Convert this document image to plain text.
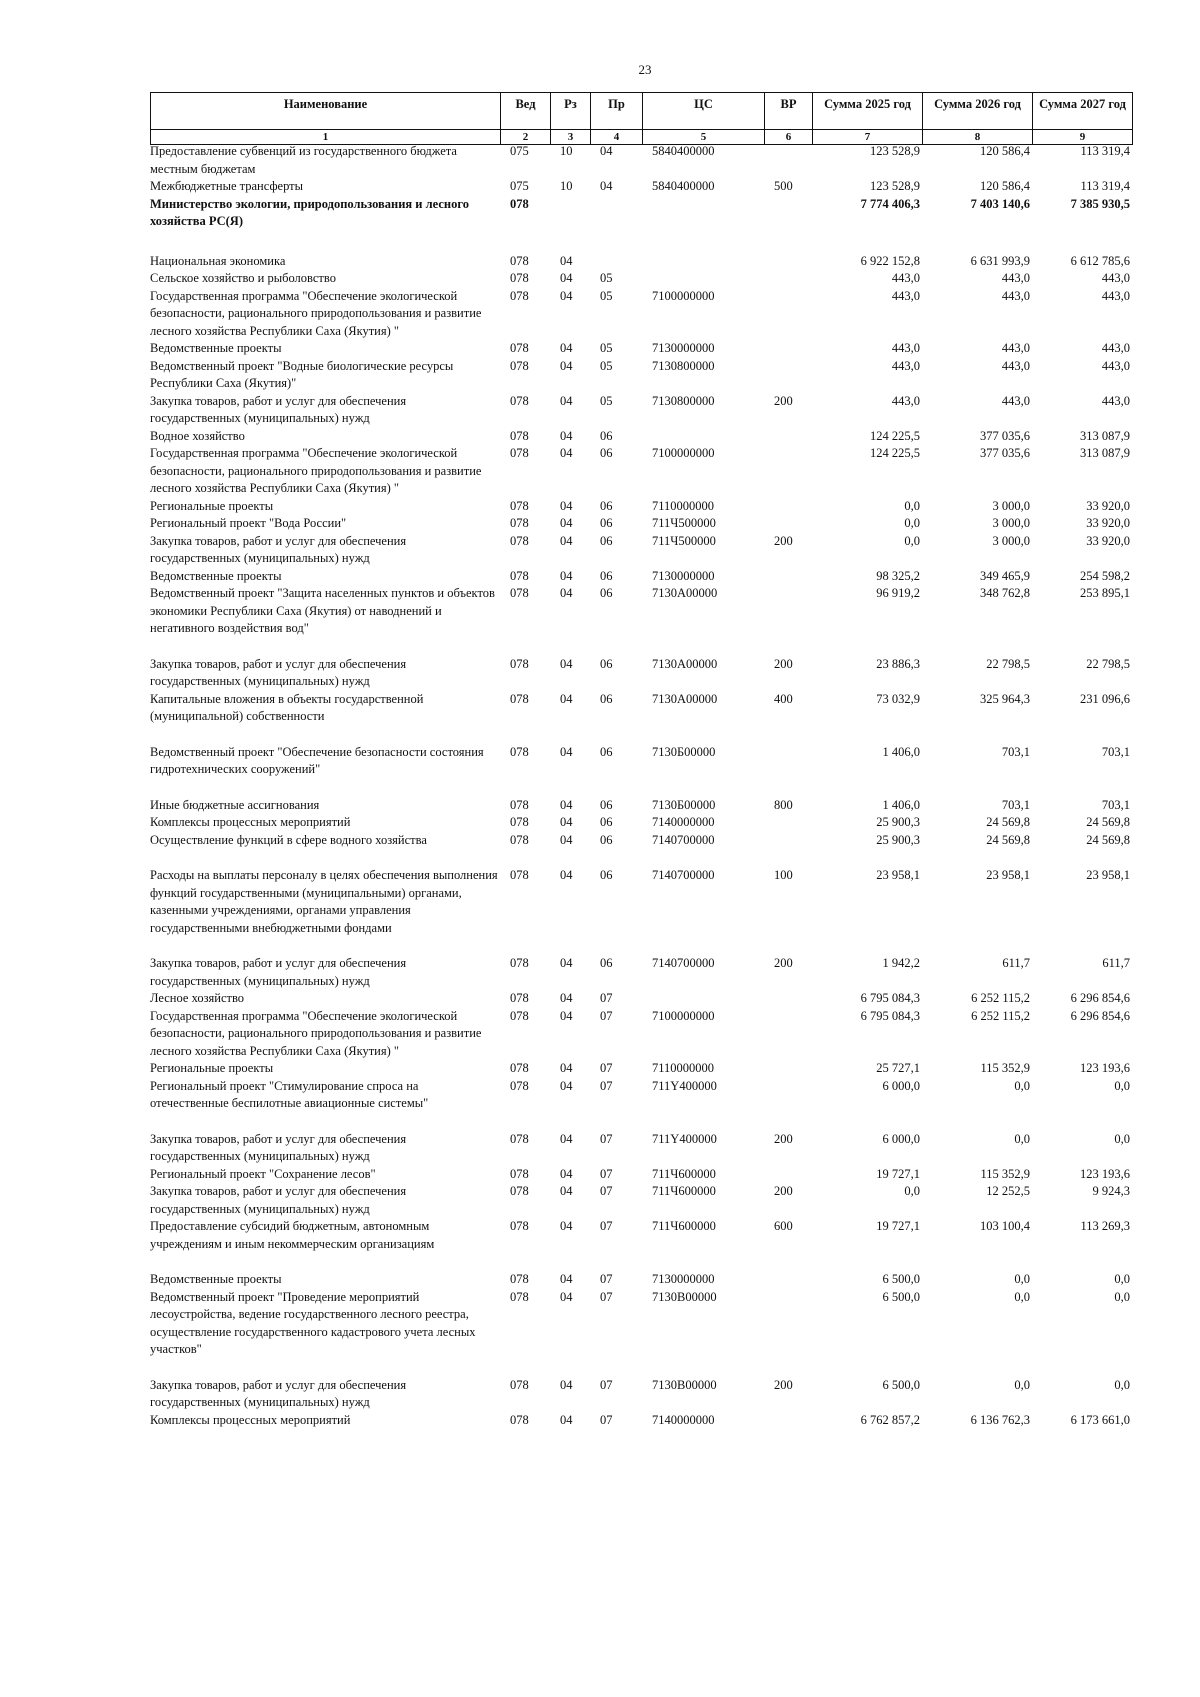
23
Наименование	Вед	Рз	Пр	ЦС	ВР	Сумма 2025 год	Сумма 2026 год	Сумма 2027 год
1	2	3	4	5	6	7	8	9
Предоставление субвенций из государственного бюджета местным бюджетам	075	10	04	5840400000		123 528,9	120 586,4	113 319,4
Межбюджетные трансферты	075	10	04	5840400000	500	123 528,9	120 586,4	113 319,4
Министерство экологии, природопользования и лесного хозяйства РС(Я)	078					7 774 406,3	7 403 140,6	7 385 930,5
Национальная экономика	078	04				6 922 152,8	6 631 993,9	6 612 785,6
Сельское хозяйство и рыболовство	078	04	05			443,0	443,0	443,0
Государственная программа "Обеспечение экологической безопасности, рационального природопользования и развитие лесного хозяйства Республики Саха (Якутия) "	078	04	05	7100000000		443,0	443,0	443,0
Ведомственные проекты	078	04	05	7130000000		443,0	443,0	443,0
Ведомственный проект "Водные биологические ресурсы Республики Саха (Якутия)"	078	04	05	7130800000		443,0	443,0	443,0
Закупка товаров, работ и услуг для обеспечения государственных (муниципальных) нужд	078	04	05	7130800000	200	443,0	443,0	443,0
Водное хозяйство	078	04	06			124 225,5	377 035,6	313 087,9
Государственная программа "Обеспечение экологической безопасности, рационального природопользования и развитие лесного хозяйства Республики Саха (Якутия) "	078	04	06	7100000000		124 225,5	377 035,6	313 087,9
Региональные проекты	078	04	06	7110000000		0,0	3 000,0	33 920,0
Региональный проект "Вода России"	078	04	06	711Ч500000		0,0	3 000,0	33 920,0
Закупка товаров, работ и услуг для обеспечения государственных (муниципальных) нужд	078	04	06	711Ч500000	200	0,0	3 000,0	33 920,0
Ведомственные проекты	078	04	06	7130000000		98 325,2	349 465,9	254 598,2
Ведомственный проект "Защита населенных пунктов и объектов экономики Республики Саха (Якутия) от наводнений и негативного воздействия вод"	078	04	06	7130А00000		96 919,2	348 762,8	253 895,1
Закупка товаров, работ и услуг для обеспечения государственных (муниципальных) нужд	078	04	06	7130А00000	200	23 886,3	22 798,5	22 798,5
Капитальные вложения в объекты государственной (муниципальной) собственности	078	04	06	7130А00000	400	73 032,9	325 964,3	231 096,6
Ведомственный проект "Обеспечение безопасности состояния гидротехнических сооружений"	078	04	06	7130Б00000		1 406,0	703,1	703,1
Иные бюджетные ассигнования	078	04	06	7130Б00000	800	1 406,0	703,1	703,1
Комплексы процессных мероприятий	078	04	06	7140000000		25 900,3	24 569,8	24 569,8
Осуществление функций в сфере водного хозяйства	078	04	06	7140700000		25 900,3	24 569,8	24 569,8
Расходы на выплаты персоналу в целях обеспечения выполнения функций государственными (муниципальными) органами, казенными учреждениями, органами управления государственными внебюджетными фондами	078	04	06	7140700000	100	23 958,1	23 958,1	23 958,1
Закупка товаров, работ и услуг для обеспечения государственных (муниципальных) нужд	078	04	06	7140700000	200	1 942,2	611,7	611,7
Лесное хозяйство	078	04	07			6 795 084,3	6 252 115,2	6 296 854,6
Государственная программа "Обеспечение экологической безопасности, рационального природопользования и развитие лесного хозяйства Республики Саха (Якутия) "	078	04	07	7100000000		6 795 084,3	6 252 115,2	6 296 854,6
Региональные проекты	078	04	07	7110000000		25 727,1	115 352,9	123 193,6
Региональный проект "Стимулирование спроса на отечественные беспилотные авиационные системы"	078	04	07	711Y400000		6 000,0	0,0	0,0
Закупка товаров, работ и услуг для обеспечения государственных (муниципальных) нужд	078	04	07	711Y400000	200	6 000,0	0,0	0,0
Региональный проект "Сохранение лесов"	078	04	07	711Ч600000		19 727,1	115 352,9	123 193,6
Закупка товаров, работ и услуг для обеспечения государственных (муниципальных) нужд	078	04	07	711Ч600000	200	0,0	12 252,5	9 924,3
Предоставление субсидий бюджетным, автономным учреждениям и иным некоммерческим организациям	078	04	07	711Ч600000	600	19 727,1	103 100,4	113 269,3
Ведомственные проекты	078	04	07	7130000000		6 500,0	0,0	0,0
Ведомственный проект "Проведение мероприятий лесоустройства, ведение государственного лесного реестра, осуществление государственного кадастрового учета лесных участков"	078	04	07	7130В00000		6 500,0	0,0	0,0
Закупка товаров, работ и услуг для обеспечения государственных (муниципальных) нужд	078	04	07	7130В00000	200	6 500,0	0,0	0,0
Комплексы процессных мероприятий	078	04	07	7140000000		6 762 857,2	6 136 762,3	6 173 661,0
